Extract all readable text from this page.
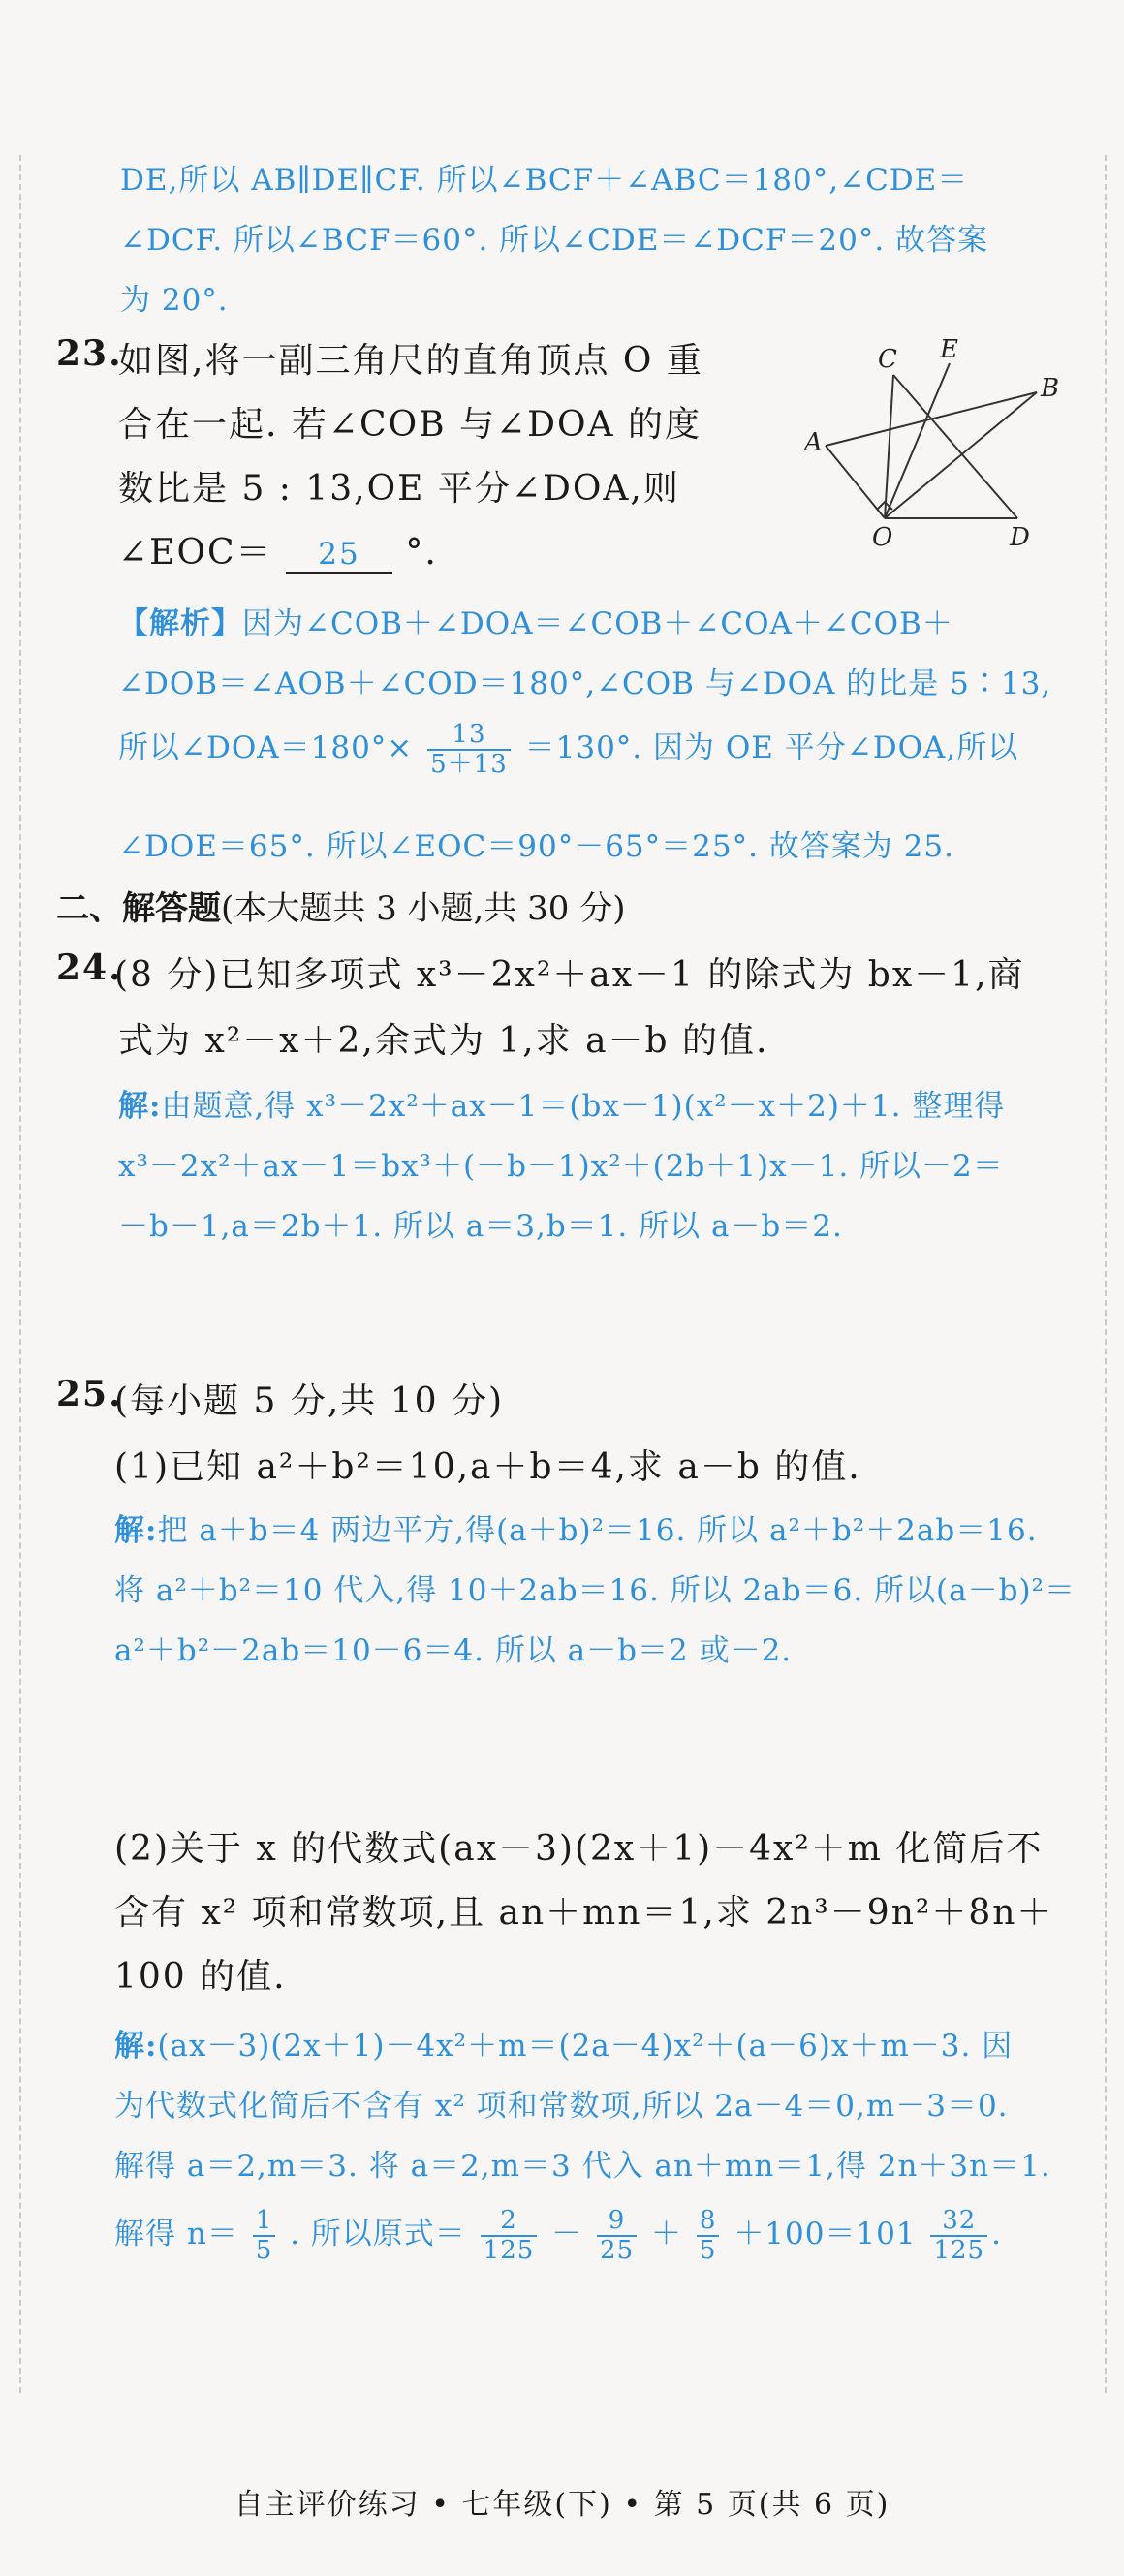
DE,所以 AB∥DE∥CF. 所以∠BCF＋∠ABC＝180°,∠CDE＝
∠DCF. 所以∠BCF＝60°. 所以∠CDE＝∠DCF＝20°. 故答案
为 20°.
23.
如图,将一副三角尺的直角顶点 O 重
合在一起. 若∠COB 与∠DOA 的度
数比是 5 : 13,OE 平分∠DOA,则
∠EOC＝ 25 °.
C E
B
A
O	D
【解析】因为∠COB＋∠DOA＝∠COB＋∠COA＋∠COB＋
∠DOB＝∠AOB＋∠COD＝180°,∠COB 与∠DOA 的比是 5∶13,
所以∠DOA＝180°× $\frac{13}{5+13} =130^\circ$. 因为 OE 平分∠DOA,所以
∠DOE＝65°. 所以∠EOC＝90°－65°＝25°. 故答案为 25.
二、解答题(本大题共 3 小题,共 30 分)
24.
(8 分)已知多项式 x³－2x²＋ax－1 的除式为 bx－1,商
式为 x²－x＋2,余式为 1,求 a－b 的值.
解:由题意,得 x³－2x²＋ax－1＝(bx－1)(x²－x＋2)＋1. 整理得
x³－2x²＋ax－1＝bx³＋(－b－1)x²＋(2b＋1)x－1. 所以－2＝
－b－1,a＝2b＋1. 所以 a＝3,b＝1. 所以 a－b＝2.
25.
(每小题 5 分,共 10 分)
(1)已知 a²＋b²＝10,a＋b＝4,求 a－b 的值.
解:把 a＋b＝4 两边平方,得(a＋b)²＝16. 所以 a²＋b²＋2ab＝16.
将 a²＋b²＝10 代入,得 10＋2ab＝16. 所以 2ab＝6. 所以(a－b)²＝
a²＋b²－2ab＝10－6＝4. 所以 a－b＝2 或－2.
(2)关于 x 的代数式(ax－3)(2x＋1)－4x²＋m 化简后不
含有 x² 项和常数项,且 an＋mn＝1,求 2n³－9n²＋8n＋
100 的值.
解:(ax－3)(2x＋1)－4x²＋m＝(2a－4)x²＋(a－6)x＋m－3. 因
为代数式化简后不含有 x² 项和常数项,所以 2a－4＝0,m－3＝0.
解得 a＝2,m＝3. 将 a＝2,m＝3 代入 an＋mn＝1,得 2n＋3n＝1.
解得 $n= \frac{1}{5}$ . 所以原式＝ $\frac{2}{125} - \frac{9}{25} + \frac{8}{5} +100=101 \frac{32}{125}$ .
自主评价练习 • 七年级(下) • 第 5 页(共 6 页)
